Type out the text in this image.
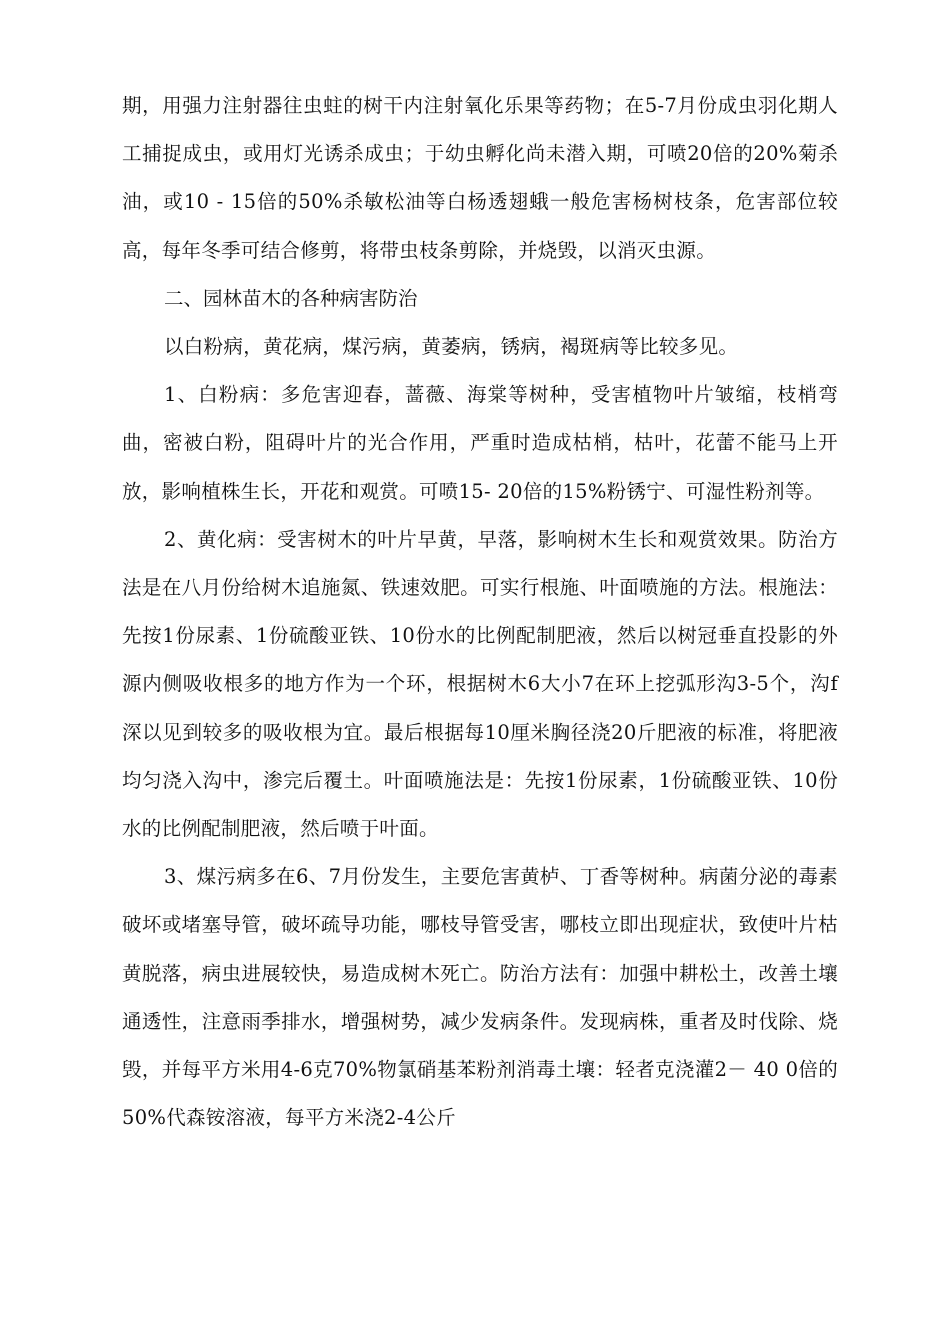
期，用强力注射器往虫蛀的树干内注射氧化乐果等药物；在5-7月份成虫羽化期人工捕捉成虫，或用灯光诱杀成虫；于幼虫孵化尚未潜入期，可喷20倍的20%菊杀油，或10 - 15倍的50%杀敏松油等白杨透翅蛾一般危害杨树枝条，危害部位较高，每年冬季可结合修剪，将带虫枝条剪除，并烧毁，以消灭虫源。

二、园林苗木的各种病害防治

以白粉病，黄花病，煤污病，黄萎病，锈病，褐斑病等比较多见。

1、白粉病：多危害迎春，蔷薇、海棠等树种，受害植物叶片皱缩，枝梢弯曲，密被白粉，阻碍叶片的光合作用，严重时造成枯梢，枯叶，花蕾不能马上开放，影响植株生长，开花和观赏。可喷15- 20倍的15%粉锈宁、可湿性粉剂等。

2、黄化病：受害树木的叶片早黄，早落，影响树木生长和观赏效果。防治方法是在八月份给树木追施氮、铁速效肥。可实行根施、叶面喷施的方法。根施法：先按1份尿素、1份硫酸亚铁、10份水的比例配制肥液，然后以树冠垂直投影的外源内侧吸收根多的地方作为一个环，根据树木6大小7在环上挖弧形沟3-5个，沟f深以见到较多的吸收根为宜。最后根据每10厘米胸径浇20斤肥液的标准，将肥液均匀浇入沟中，渗完后覆土。叶面喷施法是：先按1份尿素，1份硫酸亚铁、10份水的比例配制肥液，然后喷于叶面。

3、煤污病多在6、7月份发生，主要危害黄栌、丁香等树种。病菌分泌的毒素破坏或堵塞导管，破坏疏导功能，哪枝导管受害，哪枝立即出现症状，致使叶片枯黄脱落，病虫进展较快，易造成树木死亡。防治方法有：加强中耕松土，改善土壤通透性，注意雨季排水，增强树势，减少发病条件。发现病株，重者及时伐除、烧毁，并每平方米用4-6克70%物氯硝基苯粉剂消毒土壤：轻者克浇灌2－ 40 0倍的50%代森铵溶液，每平方米浇2-4公斤
